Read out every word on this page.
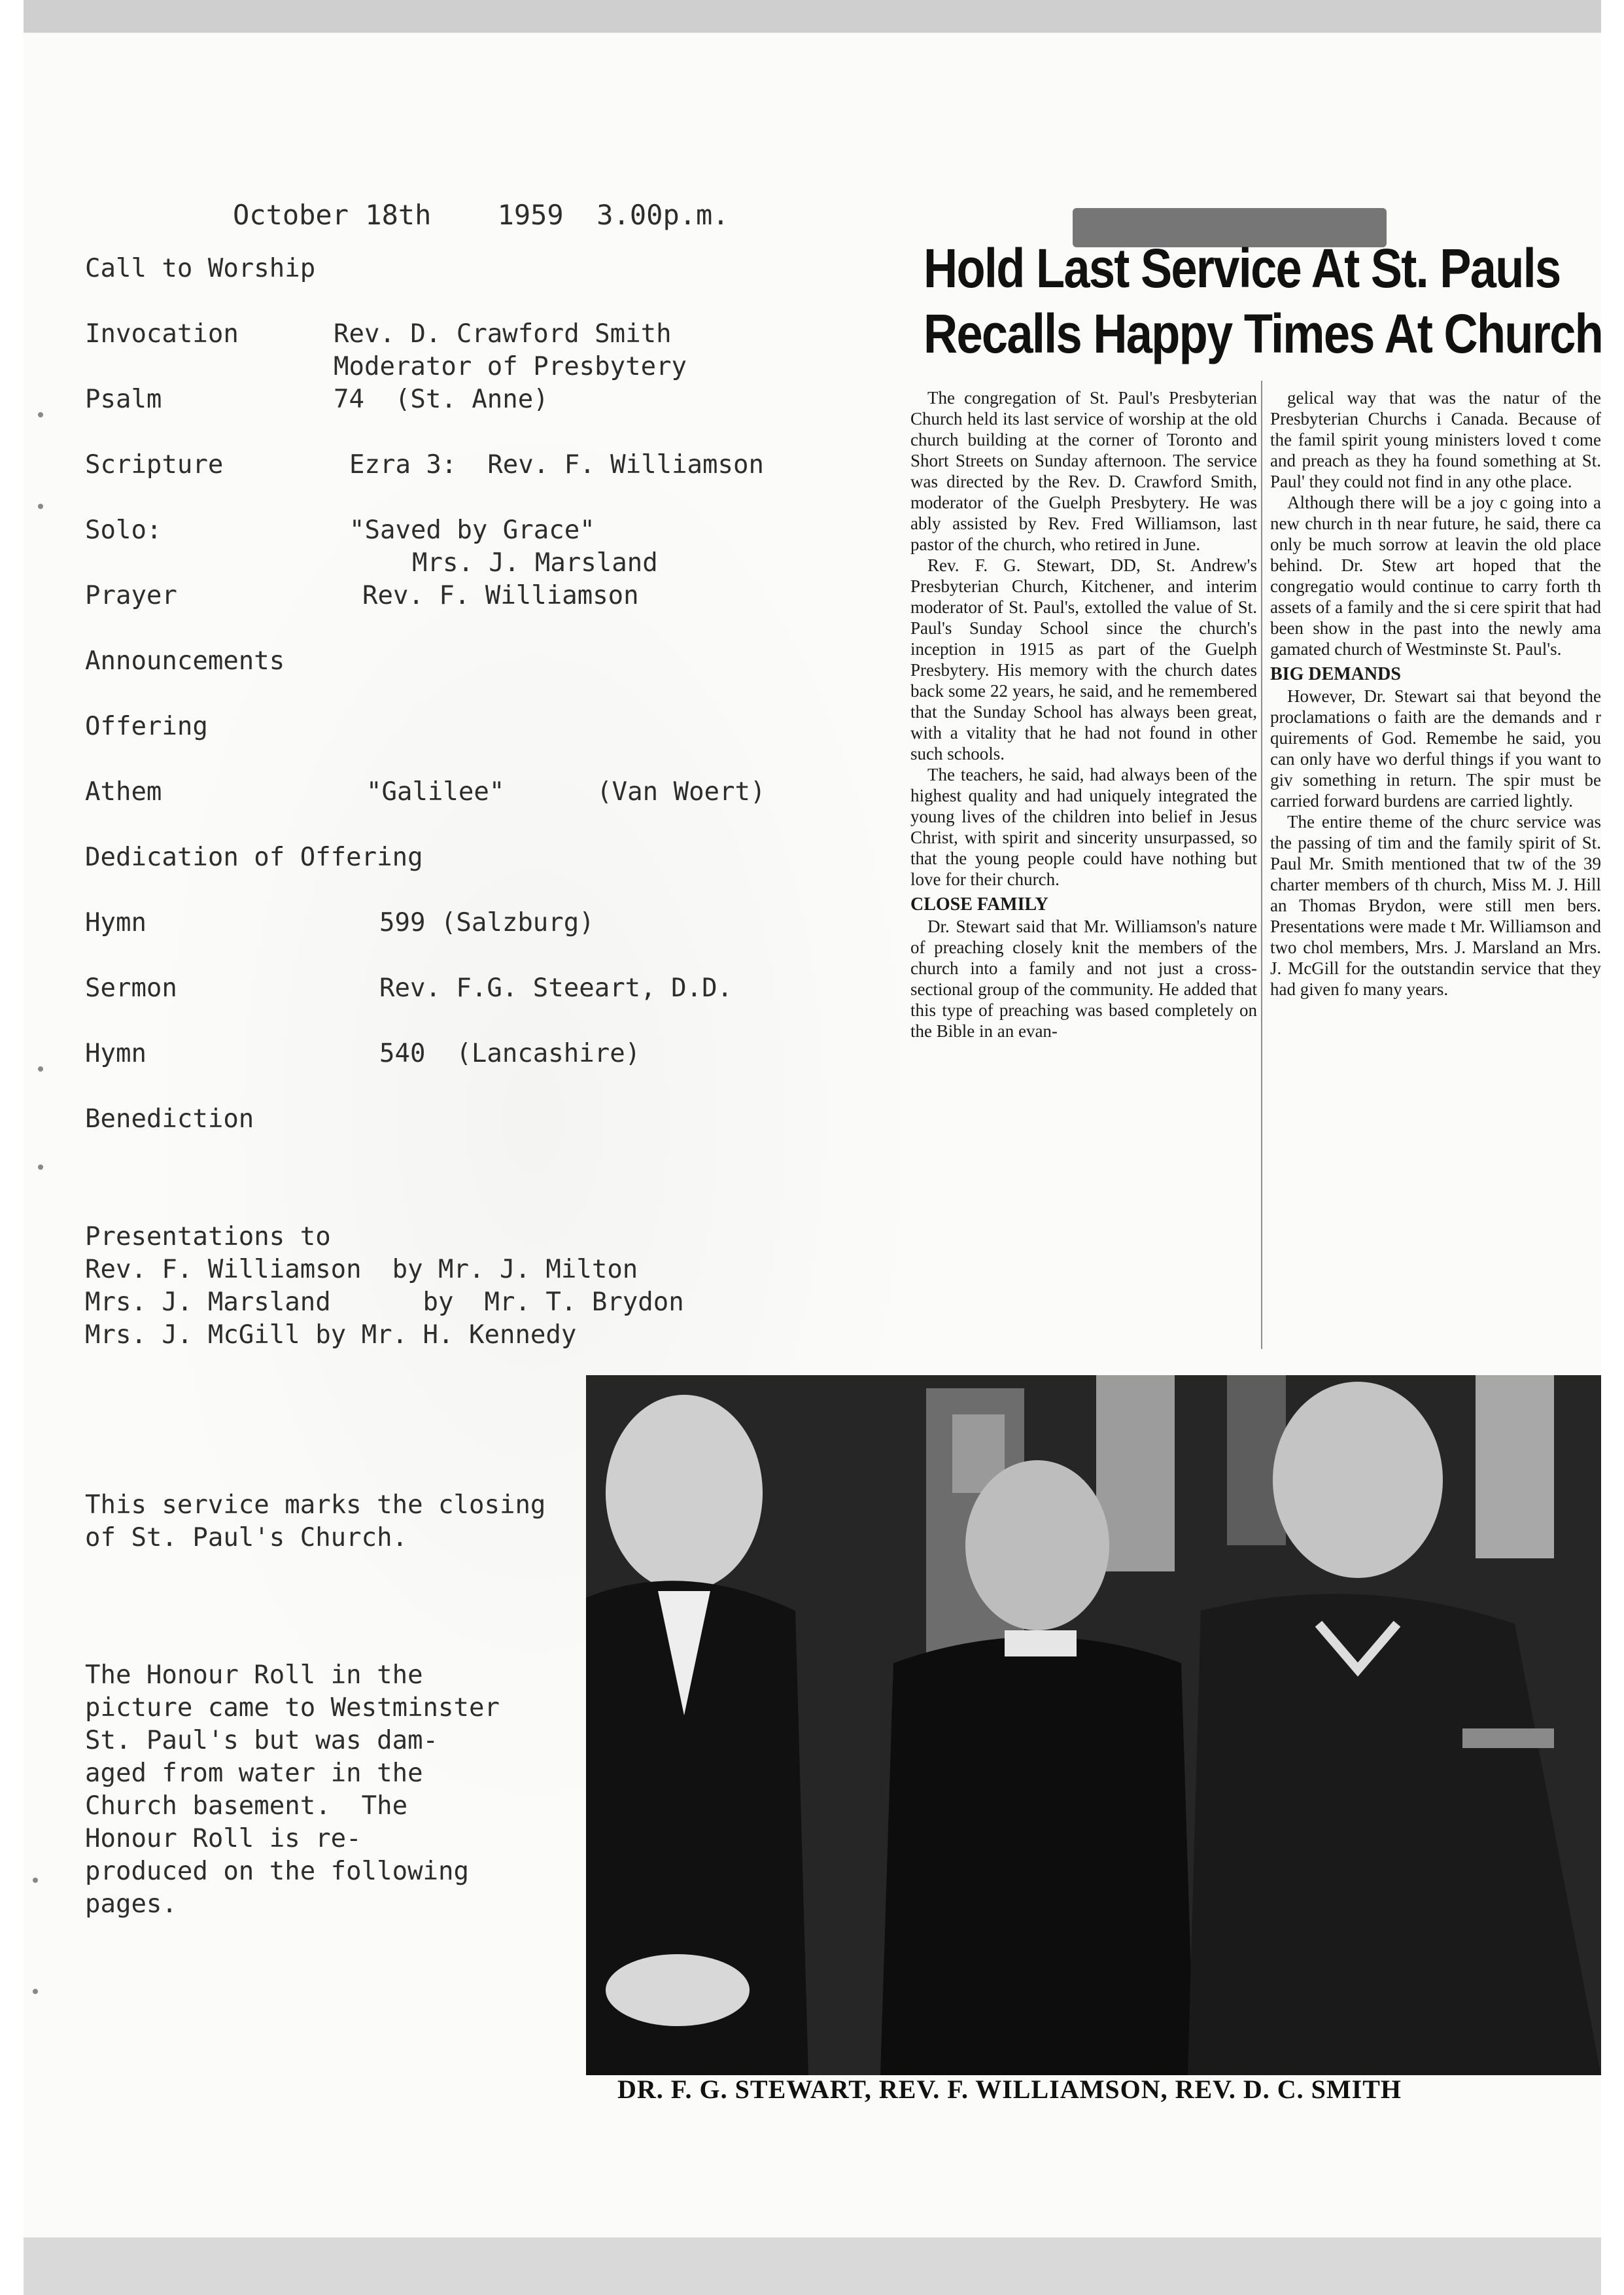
October 18th    1959  3.00p.m.
Call to Worship
Invocation	Rev. D. Crawford Smith
Moderator of Presbytery
Psalm	74  (St. Anne)
Scripture	Ezra 3:  Rev. F. Williamson
Solo:	"Saved by Grace"
Mrs. J. Marsland
Prayer	Rev. F. Williamson
Announcements
Offering
Athem	"Galilee"      (Van Woert)
Dedication of Offering
Hymn	599 (Salzburg)
Sermon	Rev. F.G. Steeart, D.D.
Hymn	540  (Lancashire)
Benediction
Presentations to
Rev. F. Williamson  by Mr. J. Milton
Mrs. J. Marsland      by  Mr. T. Brydon
Mrs. J. McGill by Mr. H. Kennedy
This service marks the closing
of St. Paul's Church.
The Honour Roll in the
picture came to Westminster
St. Paul's but was dam-
aged from water in the
Church basement.  The
Honour Roll is re-
produced on the following
pages.
Hold Last Service At St. Pauls
Recalls Happy Times At Church

The congregation of St. Paul's Presbyterian Church held its last service of worship at the old church building at the corner of Toronto and Short Streets on Sunday afternoon. The service was directed by the Rev. D. Crawford Smith, moderator of the Guelph Presbytery. He was ably assisted by Rev. Fred Williamson, last pastor of the church, who retired in June.

Rev. F. G. Stewart, DD, St. Andrew's Presbyterian Church, Kitchener, and interim moderator of St. Paul's, extolled the value of St. Paul's Sunday School since the church's inception in 1915 as part of the Guelph Presbytery. His memory with the church dates back some 22 years, he said, and he remembered that the Sunday School has always been great, with a vitality that he had not found in other such schools.

The teachers, he said, had always been of the highest quality and had uniquely integrated the young lives of the children into belief in Jesus Christ, with spirit and sincerity unsurpassed, so that the young people could have nothing but love for their church.

CLOSE FAMILY

Dr. Stewart said that Mr. Williamson's nature of preaching closely knit the members of the church into a family and not just a cross-sectional group of the community. He added that this type of preaching was based completely on the Bible in an evan-

gelical way that was the natur of the Presbyterian Churchs i Canada. Because of the famil spirit young ministers loved t come and preach as they ha found something at St. Paul' they could not find in any othe place.

Although there will be a joy c going into a new church in th near future, he said, there ca only be much sorrow at leavin the old place behind. Dr. Stew art hoped that the congregatio would continue to carry forth th assets of a family and the si cere spirit that had been show in the past into the newly ama gamated church of Westminste St. Paul's.

BIG DEMANDS

However, Dr. Stewart sai that beyond the proclamations o faith are the demands and r quirements of God. Remembe he said, you can only have wo derful things if you want to giv something in return. The spir must be carried forward burdens are carried lightly.

The entire theme of the churc service was the passing of tim and the family spirit of St. Paul Mr. Smith mentioned that tw of the 39 charter members of th church, Miss M. J. Hill an Thomas Brydon, were still men bers. Presentations were made t Mr. Williamson and two chol members, Mrs. J. Marsland an Mrs. J. McGill for the outstandin service that they had given fo many years.

DR. F. G. STEWART, REV. F. WILLIAMSON, REV. D. C. SMITH
